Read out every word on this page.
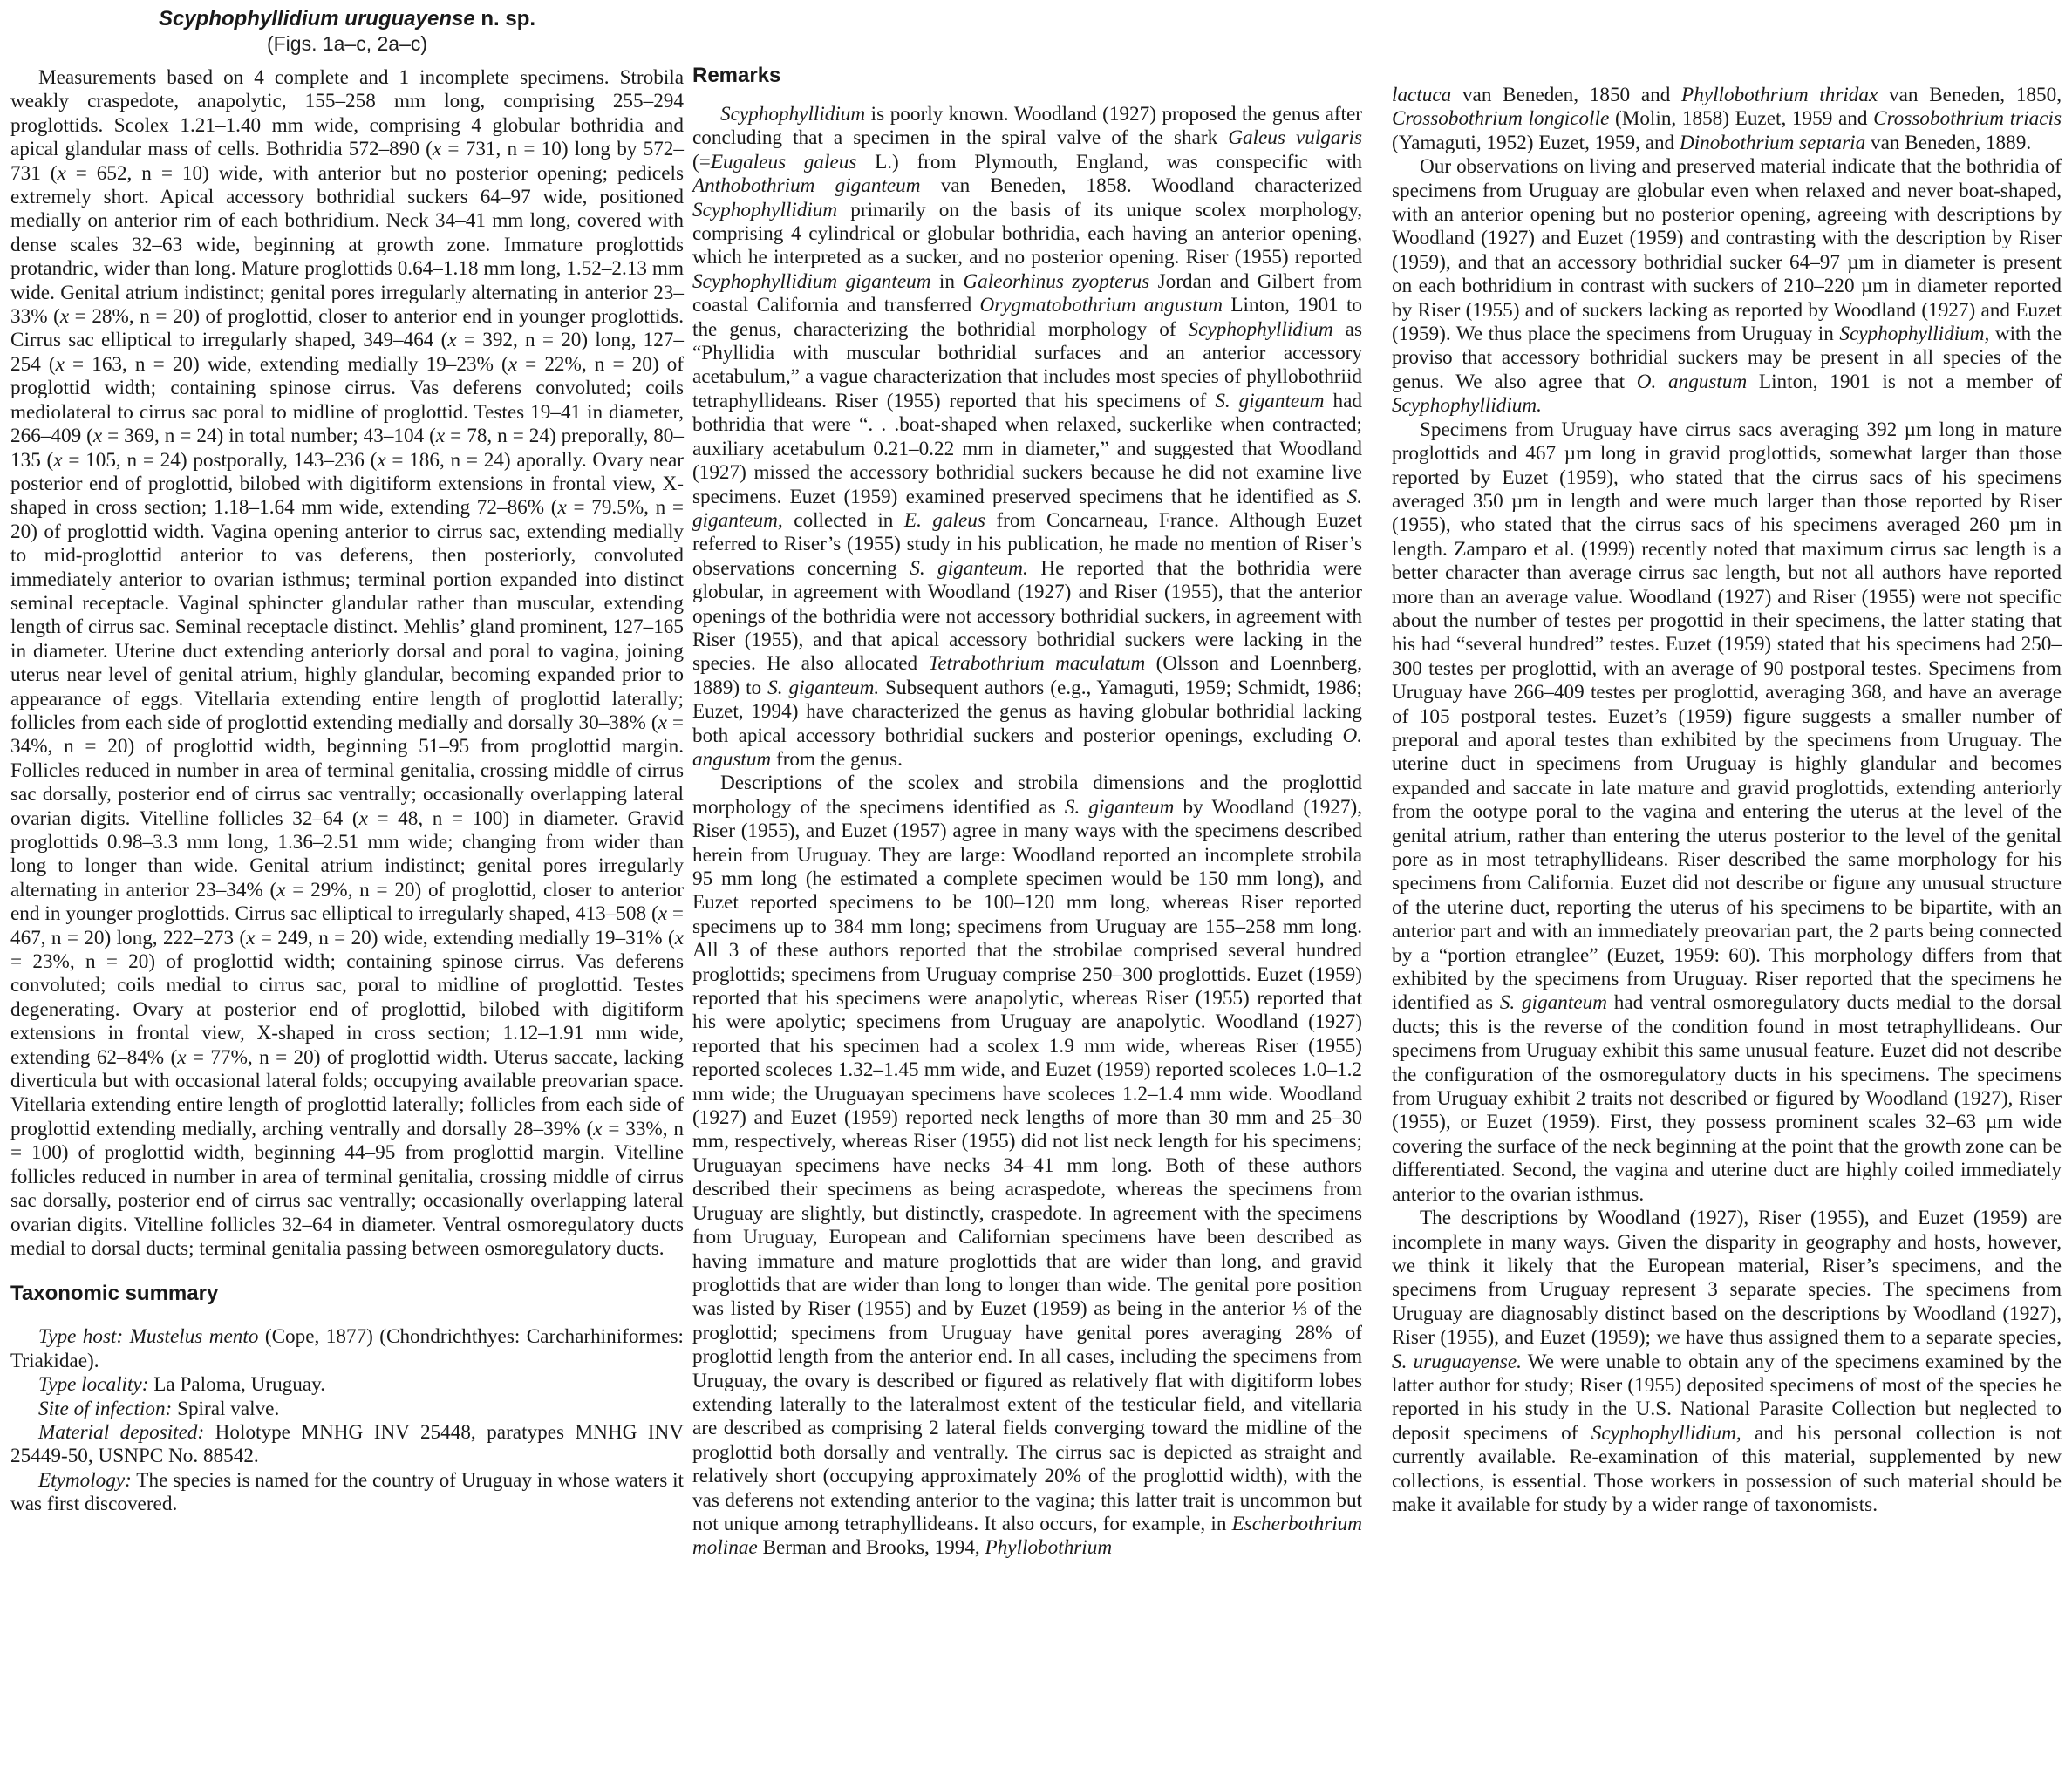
Scyphophyllidium uruguayense n. sp.
(Figs. 1a–c, 2a–c)

Measurements based on 4 complete and 1 incomplete specimens. Strobila weakly craspedote, anapolytic, 155–258 mm long, comprising 255–294 proglottids. Scolex 1.21–1.40 mm wide, comprising 4 globular bothridia and apical glandular mass of cells. Bothridia 572–890 (x = 731, n = 10) long by 572–731 (x = 652, n = 10) wide, with anterior but no posterior opening; pedicels extremely short. Apical accessory bothridial suckers 64–97 wide, positioned medially on anterior rim of each bothridium. Neck 34–41 mm long, covered with dense scales 32–63 wide, beginning at growth zone. Immature proglottids protandric, wider than long. Mature proglottids 0.64–1.18 mm long, 1.52–2.13 mm wide. Genital atrium indistinct; genital pores irregularly alternating in anterior 23–33% (x = 28%, n = 20) of proglottid, closer to anterior end in younger proglottids. Cirrus sac elliptical to irregularly shaped, 349–464 (x = 392, n = 20) long, 127–254 (x = 163, n = 20) wide, extending medially 19–23% (x = 22%, n = 20) of proglottid width; containing spinose cirrus. Vas deferens convoluted; coils mediolateral to cirrus sac poral to midline of proglottid. Testes 19–41 in diameter, 266–409 (x = 369, n = 24) in total number; 43–104 (x = 78, n = 24) preporally, 80–135 (x = 105, n = 24) postporally, 143–236 (x = 186, n = 24) aporally. Ovary near posterior end of proglottid, bilobed with digitiform extensions in frontal view, X-shaped in cross section; 1.18–1.64 mm wide, extending 72–86% (x = 79.5%, n = 20) of proglottid width. Vagina opening anterior to cirrus sac, extending medially to mid-proglottid anterior to vas deferens, then posteriorly, convoluted immediately anterior to ovarian isthmus; terminal portion expanded into distinct seminal receptacle. Vaginal sphincter glandular rather than muscular, extending length of cirrus sac. Seminal receptacle distinct. Mehlis’ gland prominent, 127–165 in diameter. Uterine duct extending anteriorly dorsal and poral to vagina, joining uterus near level of genital atrium, highly glandular, becoming expanded prior to appearance of eggs. Vitellaria extending entire length of proglottid laterally; follicles from each side of proglottid extending medially and dorsally 30–38% (x = 34%, n = 20) of proglottid width, beginning 51–95 from proglottid margin. Follicles reduced in number in area of terminal genitalia, crossing middle of cirrus sac dorsally, posterior end of cirrus sac ventrally; occasionally overlapping lateral ovarian digits. Vitelline follicles 32–64 (x = 48, n = 100) in diameter. Gravid proglottids 0.98–3.3 mm long, 1.36–2.51 mm wide; changing from wider than long to longer than wide. Genital atrium indistinct; genital pores irregularly alternating in anterior 23–34% (x = 29%, n = 20) of proglottid, closer to anterior end in younger proglottids. Cirrus sac elliptical to irregularly shaped, 413–508 (x = 467, n = 20) long, 222–273 (x = 249, n = 20) wide, extending medially 19–31% (x = 23%, n = 20) of proglottid width; containing spinose cirrus. Vas deferens convoluted; coils medial to cirrus sac, poral to midline of proglottid. Testes degenerating. Ovary at posterior end of proglottid, bilobed with digitiform extensions in frontal view, X-shaped in cross section; 1.12–1.91 mm wide, extending 62–84% (x = 77%, n = 20) of proglottid width. Uterus saccate, lacking diverticula but with occasional lateral folds; occupying available preovarian space. Vitellaria extending entire length of proglottid laterally; follicles from each side of proglottid extending medially, arching ventrally and dorsally 28–39% (x = 33%, n = 100) of proglottid width, beginning 44–95 from proglottid margin. Vitelline follicles reduced in number in area of terminal genitalia, crossing middle of cirrus sac dorsally, posterior end of cirrus sac ventrally; occasionally overlapping lateral ovarian digits. Vitelline follicles 32–64 in diameter. Ventral osmoregulatory ducts medial to dorsal ducts; terminal genitalia passing between osmoregulatory ducts.

Taxonomic summary

Type host: Mustelus mento (Cope, 1877) (Chondrichthyes: Carcharhiniformes: Triakidae).

Type locality: La Paloma, Uruguay.

Site of infection: Spiral valve.

Material deposited: Holotype MNHG INV 25448, paratypes MNHG INV 25449-50, USNPC No. 88542.

Etymology: The species is named for the country of Uruguay in whose waters it was first discovered.

Remarks

Scyphophyllidium is poorly known. Woodland (1927) proposed the genus after concluding that a specimen in the spiral valve of the shark Galeus vulgaris (=Eugaleus galeus L.) from Plymouth, England, was conspecific with Anthobothrium giganteum van Beneden, 1858. Woodland characterized Scyphophyllidium primarily on the basis of its unique scolex morphology, comprising 4 cylindrical or globular bothridia, each having an anterior opening, which he interpreted as a sucker, and no posterior opening. Riser (1955) reported Scyphophyllidium giganteum in Galeorhinus zyopterus Jordan and Gilbert from coastal California and transferred Orygmatobothrium angustum Linton, 1901 to the genus, characterizing the bothridial morphology of Scyphophyllidium as “Phyllidia with muscular bothridial surfaces and an anterior accessory acetabulum,” a vague characterization that includes most species of phyllobothriid tetraphyllideans. Riser (1955) reported that his specimens of S. giganteum had bothridia that were “. . .boat-shaped when relaxed, suckerlike when contracted; auxiliary acetabulum 0.21–0.22 mm in diameter,” and suggested that Woodland (1927) missed the accessory bothridial suckers because he did not examine live specimens. Euzet (1959) examined preserved specimens that he identified as S. giganteum, collected in E. galeus from Concarneau, France. Although Euzet referred to Riser’s (1955) study in his publication, he made no mention of Riser’s observations concerning S. giganteum. He reported that the bothridia were globular, in agreement with Woodland (1927) and Riser (1955), that the anterior openings of the bothridia were not accessory bothridial suckers, in agreement with Riser (1955), and that apical accessory bothridial suckers were lacking in the species. He also allocated Tetrabothrium maculatum (Olsson and Loennberg, 1889) to S. giganteum. Subsequent authors (e.g., Yamaguti, 1959; Schmidt, 1986; Euzet, 1994) have characterized the genus as having globular bothridial lacking both apical accessory bothridial suckers and posterior openings, excluding O. angustum from the genus.

Descriptions of the scolex and strobila dimensions and the proglottid morphology of the specimens identified as S. giganteum by Woodland (1927), Riser (1955), and Euzet (1957) agree in many ways with the specimens described herein from Uruguay. They are large: Woodland reported an incomplete strobila 95 mm long (he estimated a complete specimen would be 150 mm long), and Euzet reported specimens to be 100–120 mm long, whereas Riser reported specimens up to 384 mm long; specimens from Uruguay are 155–258 mm long. All 3 of these authors reported that the strobilae comprised several hundred proglottids; specimens from Uruguay comprise 250–300 proglottids. Euzet (1959) reported that his specimens were anapolytic, whereas Riser (1955) reported that his were apolytic; specimens from Uruguay are anapolytic. Woodland (1927) reported that his specimen had a scolex 1.9 mm wide, whereas Riser (1955) reported scoleces 1.32–1.45 mm wide, and Euzet (1959) reported scoleces 1.0–1.2 mm wide; the Uruguayan specimens have scoleces 1.2–1.4 mm wide. Woodland (1927) and Euzet (1959) reported neck lengths of more than 30 mm and 25–30 mm, respectively, whereas Riser (1955) did not list neck length for his specimens; Uruguayan specimens have necks 34–41 mm long. Both of these authors described their specimens as being acraspedote, whereas the specimens from Uruguay are slightly, but distinctly, craspedote. In agreement with the specimens from Uruguay, European and Californian specimens have been described as having immature and mature proglottids that are wider than long, and gravid proglottids that are wider than long to longer than wide. The genital pore position was listed by Riser (1955) and by Euzet (1959) as being in the anterior ⅓ of the proglottid; specimens from Uruguay have genital pores averaging 28% of proglottid length from the anterior end. In all cases, including the specimens from Uruguay, the ovary is described or figured as relatively flat with digitiform lobes extending laterally to the lateralmost extent of the testicular field, and vitellaria are described as comprising 2 lateral fields converging toward the midline of the proglottid both dorsally and ventrally. The cirrus sac is depicted as straight and relatively short (occupying approximately 20% of the proglottid width), with the vas deferens not extending anterior to the vagina; this latter trait is uncommon but not unique among tetraphyllideans. It also occurs, for example, in Escherbothrium molinae Berman and Brooks, 1994, Phyllobothrium

lactuca van Beneden, 1850 and Phyllobothrium thridax van Beneden, 1850, Crossobothrium longicolle (Molin, 1858) Euzet, 1959 and Crossobothrium triacis (Yamaguti, 1952) Euzet, 1959, and Dinobothrium septaria van Beneden, 1889.

Our observations on living and preserved material indicate that the bothridia of specimens from Uruguay are globular even when relaxed and never boat-shaped, with an anterior opening but no posterior opening, agreeing with descriptions by Woodland (1927) and Euzet (1959) and contrasting with the description by Riser (1959), and that an accessory bothridial sucker 64–97 µm in diameter is present on each bothridium in contrast with suckers of 210–220 µm in diameter reported by Riser (1955) and of suckers lacking as reported by Woodland (1927) and Euzet (1959). We thus place the specimens from Uruguay in Scyphophyllidium, with the proviso that accessory bothridial suckers may be present in all species of the genus. We also agree that O. angustum Linton, 1901 is not a member of Scyphophyllidium.

Specimens from Uruguay have cirrus sacs averaging 392 µm long in mature proglottids and 467 µm long in gravid proglottids, somewhat larger than those reported by Euzet (1959), who stated that the cirrus sacs of his specimens averaged 350 µm in length and were much larger than those reported by Riser (1955), who stated that the cirrus sacs of his specimens averaged 260 µm in length. Zamparo et al. (1999) recently noted that maximum cirrus sac length is a better character than average cirrus sac length, but not all authors have reported more than an average value. Woodland (1927) and Riser (1955) were not specific about the number of testes per progottid in their specimens, the latter stating that his had “several hundred” testes. Euzet (1959) stated that his specimens had 250–300 testes per proglottid, with an average of 90 postporal testes. Specimens from Uruguay have 266–409 testes per proglottid, averaging 368, and have an average of 105 postporal testes. Euzet’s (1959) figure suggests a smaller number of preporal and aporal testes than exhibited by the specimens from Uruguay. The uterine duct in specimens from Uruguay is highly glandular and becomes expanded and saccate in late mature and gravid proglottids, extending anteriorly from the ootype poral to the vagina and entering the uterus at the level of the genital atrium, rather than entering the uterus posterior to the level of the genital pore as in most tetraphyllideans. Riser described the same morphology for his specimens from California. Euzet did not describe or figure any unusual structure of the uterine duct, reporting the uterus of his specimens to be bipartite, with an anterior part and with an immediately preovarian part, the 2 parts being connected by a “portion etranglee” (Euzet, 1959: 60). This morphology differs from that exhibited by the specimens from Uruguay. Riser reported that the specimens he identified as S. giganteum had ventral osmoregulatory ducts medial to the dorsal ducts; this is the reverse of the condition found in most tetraphyllideans. Our specimens from Uruguay exhibit this same unusual feature. Euzet did not describe the configuration of the osmoregulatory ducts in his specimens. The specimens from Uruguay exhibit 2 traits not described or figured by Woodland (1927), Riser (1955), or Euzet (1959). First, they possess prominent scales 32–63 µm wide covering the surface of the neck beginning at the point that the growth zone can be differentiated. Second, the vagina and uterine duct are highly coiled immediately anterior to the ovarian isthmus.

The descriptions by Woodland (1927), Riser (1955), and Euzet (1959) are incomplete in many ways. Given the disparity in geography and hosts, however, we think it likely that the European material, Riser’s specimens, and the specimens from Uruguay represent 3 separate species. The specimens from Uruguay are diagnosably distinct based on the descriptions by Woodland (1927), Riser (1955), and Euzet (1959); we have thus assigned them to a separate species, S. uruguayense. We were unable to obtain any of the specimens examined by the latter author for study; Riser (1955) deposited specimens of most of the species he reported in his study in the U.S. National Parasite Collection but neglected to deposit specimens of Scyphophyllidium, and his personal collection is not currently available. Re-examination of this material, supplemented by new collections, is essential. Those workers in possession of such material should be make it available for study by a wider range of taxonomists.
